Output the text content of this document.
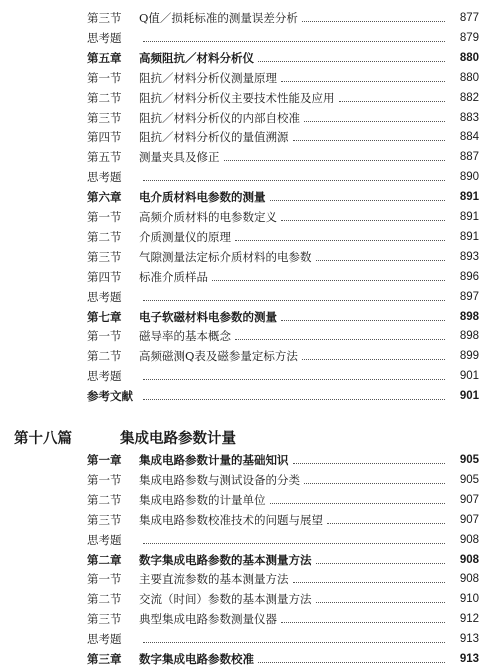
第三节	Q值／损耗标准的测量误差分析	877
思考题	879
第五章	高频阻抗／材料分析仪	880
第一节	阻抗／材料分析仪测量原理	880
第二节	阻抗／材料分析仪主要技术性能及应用	882
第三节	阻抗／材料分析仪的内部自校准	883
第四节	阻抗／材料分析仪的量值溯源	884
第五节	测量夹具及修正	887
思考题	890
第六章	电介质材料电参数的测量	891
第一节	高频介质材料的电参数定义	891
第二节	介质测量仪的原理	891
第三节	气隙测量法定标介质材料的电参数	893
第四节	标准介质样品	896
思考题	897
第七章	电子软磁材料电参数的测量	898
第一节	磁导率的基本概念	898
第二节	高频磁测Q表及磁参量定标方法	899
思考题	901
参考文献	901
第十八篇	集成电路参数计量
第一章	集成电路参数计量的基础知识	905
第一节	集成电路参数与测试设备的分类	905
第二节	集成电路参数的计量单位	907
第三节	集成电路参数校准技术的问题与展望	907
思考题	908
第二章	数字集成电路参数的基本测量方法	908
第一节	主要直流参数的基本测量方法	908
第二节	交流（时间）参数的基本测量方法	910
第三节	典型集成电路参数测量仪器	912
思考题	913
第三章	数字集成电路参数校准	913
